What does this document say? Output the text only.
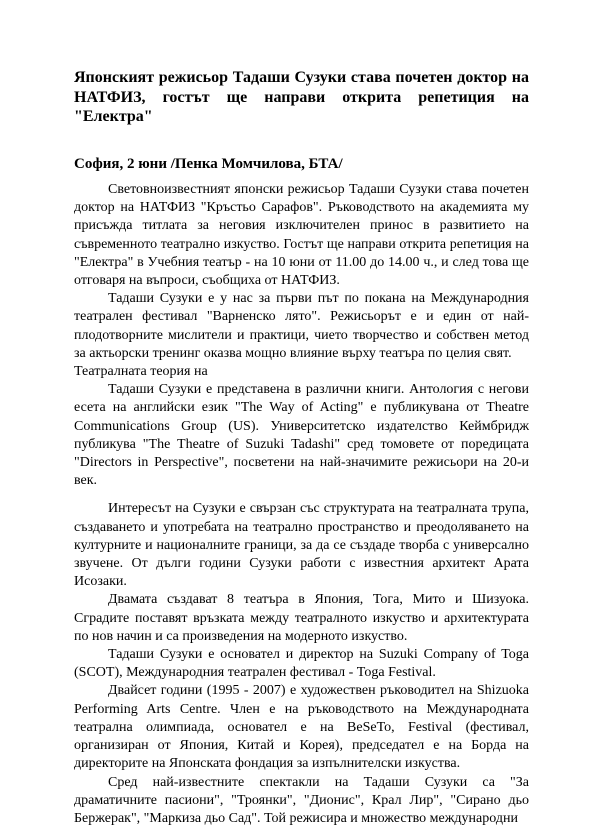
Японският режисьор Тадаши Сузуки става почетен доктор на НАТФИЗ, гостът ще направи открита репетиция на "Електра"

София, 2 юни /Пенка Момчилова, БТА/

Световноизвестният японски режисьор Тадаши Сузуки става почетен доктор на НАТФИЗ "Кръстьо Сарафов". Ръководството на академията му присъжда титлата за неговия изключителен принос в развитието на съвременното театрално изкуство. Гостът ще направи открита репетиция на "Електра" в Учебния театър - на 10 юни от 11.00 до 14.00 ч., и след това ще отговаря на въпроси, съобщиха от НАТФИЗ.

Тадаши Сузуки е у нас за първи път по покана на Международния театрален фестивал "Варненско лято". Режисьорът е и един от най-плодотворните мислители и практици, чието творчество и собствен метод за актьорски тренинг оказва мощно влияние върху театъра по целия свят.

Театралната теория на

Тадаши Сузуки е представена в различни книги. Антология с негови есета на английски език "The Way of Acting" е публикувана от Theatre Communications Group (US). Университетско издателство Кеймбридж публикува "The Theatre of Suzuki Tadashi" сред томовете от поредицата "Directors in Perspective", посветени на най-значимите режисьори на 20-и век.

Интересът на Сузуки е свързан със структурата на театралната трупа, създаването и употребата на театрално пространство и преодоляването на културните и националните граници, за да се създаде творба с универсално звучене. От дълги години Сузуки работи с известния архитект Арата Исозаки.

Двамата създават 8 театъра в Япония, Тога, Мито и Шизуока. Сградите поставят връзката между театралното изкуство и архитектурата по нов начин и са произведения на модерното изкуство.

Тадаши Сузуки е основател и директор на Suzuki Company of Toga (SCOT), Международния театрален фестивал - Toga Festival.

Двайсет години (1995 - 2007) е художествен ръководител на Shizuoka Performing Arts Centre. Член е на ръководството на Международната театрална олимпиада, основател е на BeSeTo, Festival (фестивал, организиран от Япония, Китай и Корея), председател е на Борда на директорите на Японската фондация за изпълнителски изкуства.

Сред най-известните спектакли на Тадаши Сузуки са "За драматичните пасиони", "Троянки", "Дионис", Крал Лир", "Сирано дьо Бержерак", "Маркиза дьо Сад". Той режисира и множество международни
